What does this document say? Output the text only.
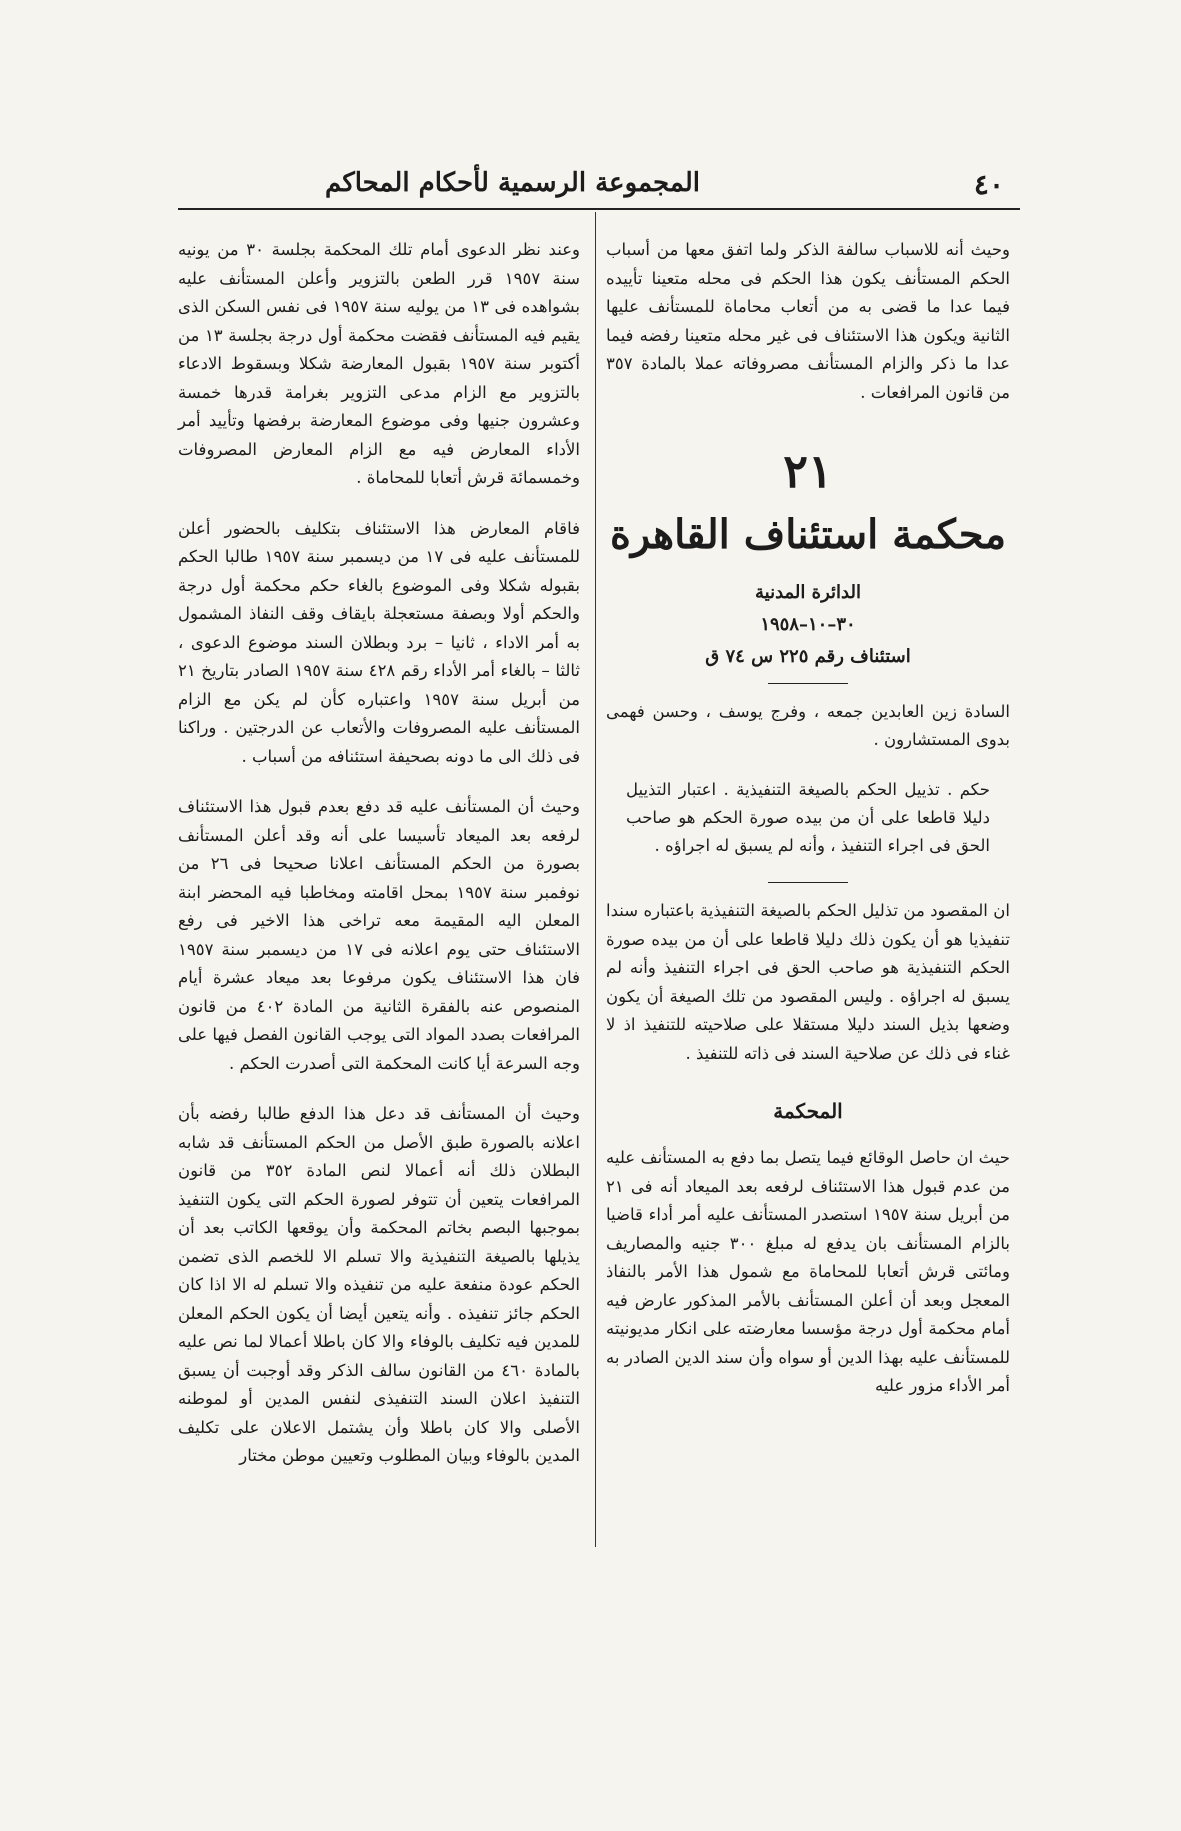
المجموعة الرسمية لأحكام المحاكم	٤٠

وحيث أنه للاسباب سالفة الذكر ولما اتفق معها من أسباب الحكم المستأنف يكون هذا الحكم فى محله متعينا تأييده فيما عدا ما قضى به من أتعاب محاماة للمستأنف عليها الثانية ويكون هذا الاستئناف فى غير محله متعينا رفضه فيما عدا ما ذكر والزام المستأنف مصروفاته عملا بالمادة ٣٥٧ من قانون المرافعات .

٢١
محكمة استئناف القاهرة
الدائرة المدنية
٣٠–١٠–١٩٥٨
استئناف رقم ٢٢٥ س ٧٤ ق

السادة زين العابدين جمعه ، وفرج يوسف ، وحسن فهمى بدوى المستشارون .

حكم . تذييل الحكم بالصيغة التنفيذية . اعتبار التذييل دليلا قاطعا على أن من بيده صورة الحكم هو صاحب الحق فى اجراء التنفيذ ، وأنه لم يسبق له اجراؤه .

ان المقصود من تذليل الحكم بالصيغة التنفيذية باعتباره سندا تنفيذيا هو أن يكون ذلك دليلا قاطعا على أن من بيده صورة الحكم التنفيذية هو صاحب الحق فى اجراء التنفيذ وأنه لم يسبق له اجراؤه . وليس المقصود من تلك الصيغة أن يكون وضعها بذيل السند دليلا مستقلا على صلاحيته للتنفيذ اذ لا غناء فى ذلك عن صلاحية السند فى ذاته للتنفيذ .

المحكمة

حيث ان حاصل الوقائع فيما يتصل بما دفع به المستأنف عليه من عدم قبول هذا الاستئناف لرفعه بعد الميعاد أنه فى ٢١ من أبريل سنة ١٩٥٧ استصدر المستأنف عليه أمر أداء قاضيا بالزام المستأنف بان يدفع له مبلغ ٣٠٠ جنيه والمصاريف ومائتى قرش أتعابا للمحاماة مع شمول هذا الأمر بالنفاذ المعجل وبعد أن أعلن المستأنف بالأمر المذكور عارض فيه أمام محكمة أول درجة مؤسسا معارضته على انكار مديونيته للمستأنف عليه بهذا الدين أو سواه وأن سند الدين الصادر به أمر الأداء مزور عليه

وعند نظر الدعوى أمام تلك المحكمة بجلسة ٣٠ من يونيه سنة ١٩٥٧ قرر الطعن بالتزوير وأعلن المستأنف عليه بشواهده فى ١٣ من يوليه سنة ١٩٥٧ فى نفس السكن الذى يقيم فيه المستأنف فقضت محكمة أول درجة بجلسة ١٣ من أكتوبر سنة ١٩٥٧ بقبول المعارضة شكلا وبسقوط الادعاء بالتزوير مع الزام مدعى التزوير بغرامة قدرها خمسة وعشرون جنيها وفى موضوع المعارضة برفضها وتأييد أمر الأداء المعارض فيه مع الزام المعارض المصروفات وخمسمائة قرش أتعابا للمحاماة .

فاقام المعارض هذا الاستئناف بتكليف بالحضور أعلن للمستأنف عليه فى ١٧ من ديسمبر سنة ١٩٥٧ طالبا الحكم بقبوله شكلا وفى الموضوع بالغاء حكم محكمة أول درجة والحكم أولا وبصفة مستعجلة بايقاف وقف النفاذ المشمول به أمر الاداء ، ثانيا – برد وبطلان السند موضوع الدعوى ، ثالثا – بالغاء أمر الأداء رقم ٤٢٨ سنة ١٩٥٧ الصادر بتاريخ ٢١ من أبريل سنة ١٩٥٧ واعتباره كأن لم يكن مع الزام المستأنف عليه المصروفات والأتعاب عن الدرجتين . وراكنا فى ذلك الى ما دونه بصحيفة استئنافه من أسباب .

وحيث أن المستأنف عليه قد دفع بعدم قبول هذا الاستئناف لرفعه بعد الميعاد تأسيسا على أنه وقد أعلن المستأنف بصورة من الحكم المستأنف اعلانا صحيحا فى ٢٦ من نوفمبر سنة ١٩٥٧ بمحل اقامته ومخاطبا فيه المحضر ابنة المعلن اليه المقيمة معه تراخى هذا الاخير فى رفع الاستئناف حتى يوم اعلانه فى ١٧ من ديسمبر سنة ١٩٥٧ فان هذا الاستئناف يكون مرفوعا بعد ميعاد عشرة أيام المنصوص عنه بالفقرة الثانية من المادة ٤٠٢ من قانون المرافعات بصدد المواد التى يوجب القانون الفصل فيها على وجه السرعة أيا كانت المحكمة التى أصدرت الحكم .

وحيث أن المستأنف قد دعل هذا الدفع طالبا رفضه بأن اعلانه بالصورة طبق الأصل من الحكم المستأنف قد شابه البطلان ذلك أنه أعمالا لنص المادة ٣٥٢ من قانون المرافعات يتعين أن تتوفر لصورة الحكم التى يكون التنفيذ بموجبها البصم بخاتم المحكمة وأن يوقعها الكاتب بعد أن يذيلها بالصيغة التنفيذية والا تسلم الا للخصم الذى تضمن الحكم عودة منفعة عليه من تنفيذه والا تسلم له الا اذا كان الحكم جائز تنفيذه . وأنه يتعين أيضا أن يكون الحكم المعلن للمدين فيه تكليف بالوفاء والا كان باطلا أعمالا لما نص عليه بالمادة ٤٦٠ من القانون سالف الذكر وقد أوجبت أن يسبق التنفيذ اعلان السند التنفيذى لنفس المدين أو لموطنه الأصلى والا كان باطلا وأن يشتمل الاعلان على تكليف المدين بالوفاء وبيان المطلوب وتعيين موطن مختار
